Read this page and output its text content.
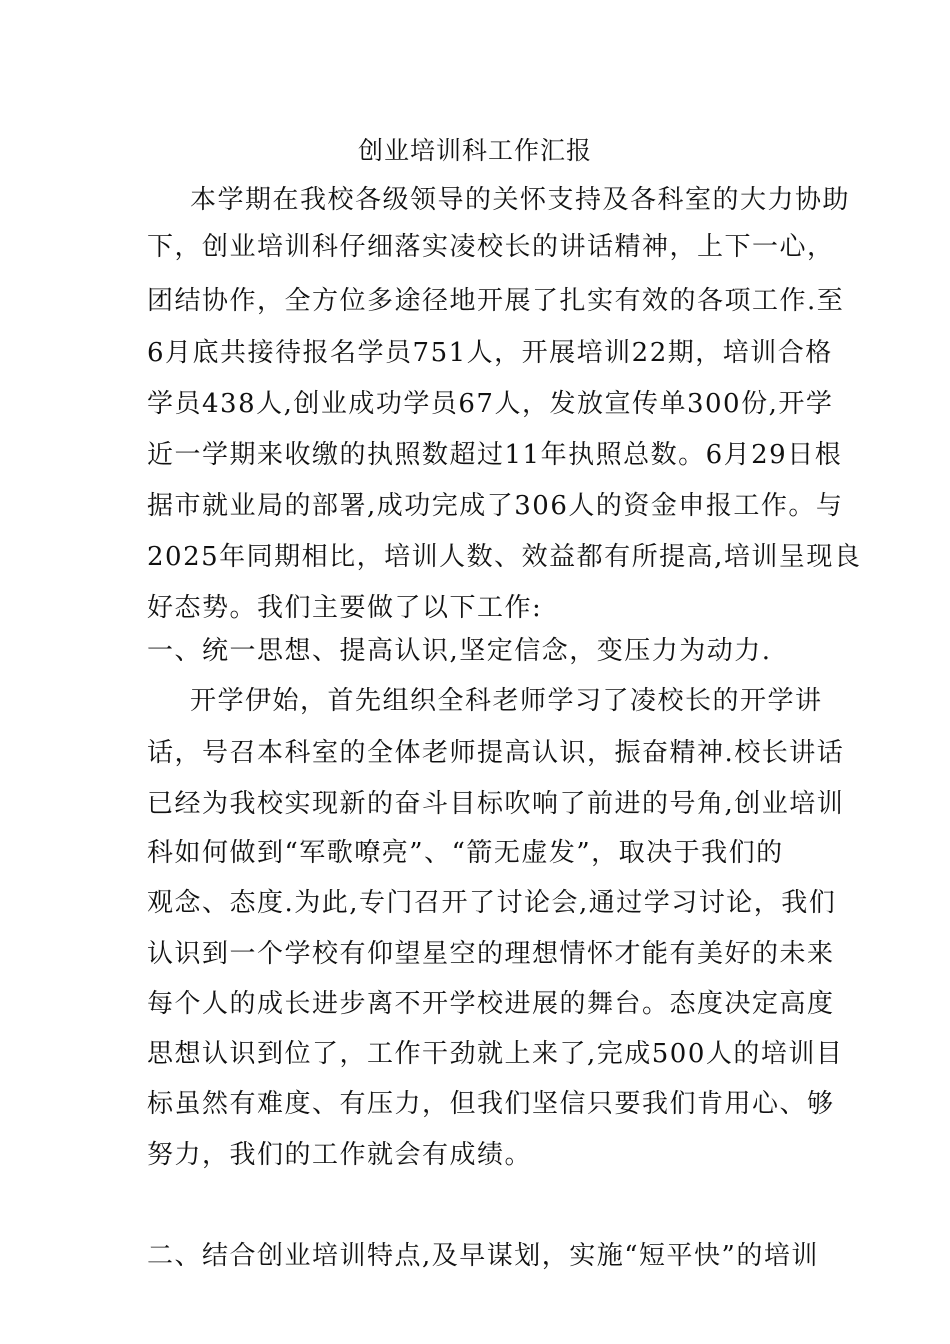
创业培训科工作汇报
本学期在我校各级领导的关怀支持及各科室的大力协助
下，创业培训科仔细落实凌校长的讲话精神，上下一心，
团结协作，全方位多途径地开展了扎实有效的各项工作.至
6月底共接待报名学员751人，开展培训22期，培训合格
学员438人,创业成功学员67人，发放宣传单300份,开学
近一学期来收缴的执照数超过11年执照总数。6月29日根
据市就业局的部署,成功完成了306人的资金申报工作。与
2025年同期相比，培训人数、效益都有所提高,培训呈现良
好态势。我们主要做了以下工作:
一、统一思想、提高认识,坚定信念，变压力为动力.
开学伊始，首先组织全科老师学习了凌校长的开学讲
话，号召本科室的全体老师提高认识，振奋精神.校长讲话
已经为我校实现新的奋斗目标吹响了前进的号角,创业培训
科如何做到“军歌嘹亮”、“箭无虚发”，取决于我们的
观念、态度.为此,专门召开了讨论会,通过学习讨论，我们
认识到一个学校有仰望星空的理想情怀才能有美好的未来
每个人的成长进步离不开学校进展的舞台。态度决定高度
思想认识到位了，工作干劲就上来了,完成500人的培训目
标虽然有难度、有压力，但我们坚信只要我们肯用心、够
努力，我们的工作就会有成绩。
二、结合创业培训特点,及早谋划，实施“短平快”的培训
